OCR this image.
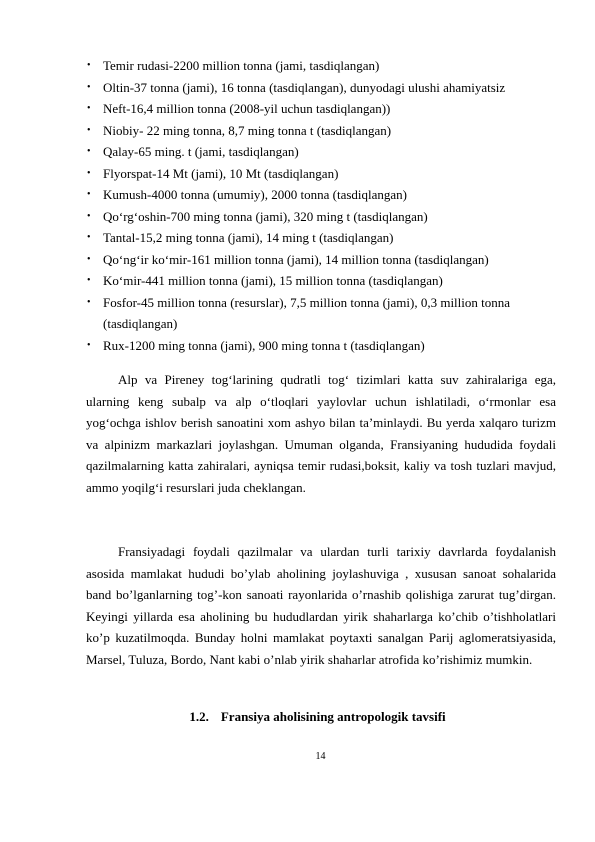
• Temir rudasi-2200 million tonna (jami, tasdiqlangan)
• Oltin-37 tonna (jami), 16 tonna (tasdiqlangan), dunyodagi ulushi ahamiyatsiz
• Neft-16,4 million tonna (2008-yil uchun tasdiqlangan))
• Niobiy- 22 ming tonna, 8,7 ming tonna t (tasdiqlangan)
• Qalay-65 ming. t (jami, tasdiqlangan)
• Flyorspat-14 Mt (jami), 10 Mt (tasdiqlangan)
• Kumush-4000 tonna (umumiy), 2000 tonna (tasdiqlangan)
• Qoʻrgʻoshin-700 ming tonna (jami), 320 ming t (tasdiqlangan)
• Tantal-15,2 ming tonna (jami), 14 ming t (tasdiqlangan)
• Qoʻngʻir koʻmir-161 million tonna (jami), 14 million tonna (tasdiqlangan)
• Koʻmir-441 million tonna (jami), 15 million tonna (tasdiqlangan)
• Fosfor-45 million tonna (resurslar), 7,5 million tonna (jami), 0,3 million tonna (tasdiqlangan)
• Rux-1200 ming tonna (jami), 900 ming tonna t (tasdiqlangan)

Alp va Pireney togʻlarining qudratli togʻ tizimlari katta suv zahiralariga ega, ularning keng subalp va alp oʻtloqlari yaylovlar uchun ishlatiladi, oʻrmonlar esa yogʻochga ishlov berish sanoatini xom ashyo bilan taʼminlaydi. Bu yerda xalqaro turizm va alpinizm markazlari joylashgan. Umuman olganda, Fransiyaning hududida foydali qazilmalarning katta zahiralari, ayniqsa temir rudasi,boksit, kaliy va tosh tuzlari mavjud, ammo yoqilgʻi resurslari juda cheklangan.

Fransiyadagi foydali qazilmalar va ulardan turli tarixiy davrlarda foydalanish asosida mamlakat hududi bo’ylab aholining joylashuviga , xususan sanoat sohalarida band bo’lganlarning tog’-kon sanoati rayonlarida o’rnashib qolishiga zarurat tug’dirgan. Keyingi yillarda esa aholining bu hududlardan yirik shaharlarga ko’chib o’tishholatlari ko’p kuzatilmoqda. Bunday holni mamlakat poytaxti sanalgan Parij aglomeratsiyasida, Marsel, Tuluza, Bordo, Nant kabi o’nlab yirik shaharlar atrofida ko’rishimiz mumkin.

1.2. Fransiya aholisining antropologik tavsifi
14
